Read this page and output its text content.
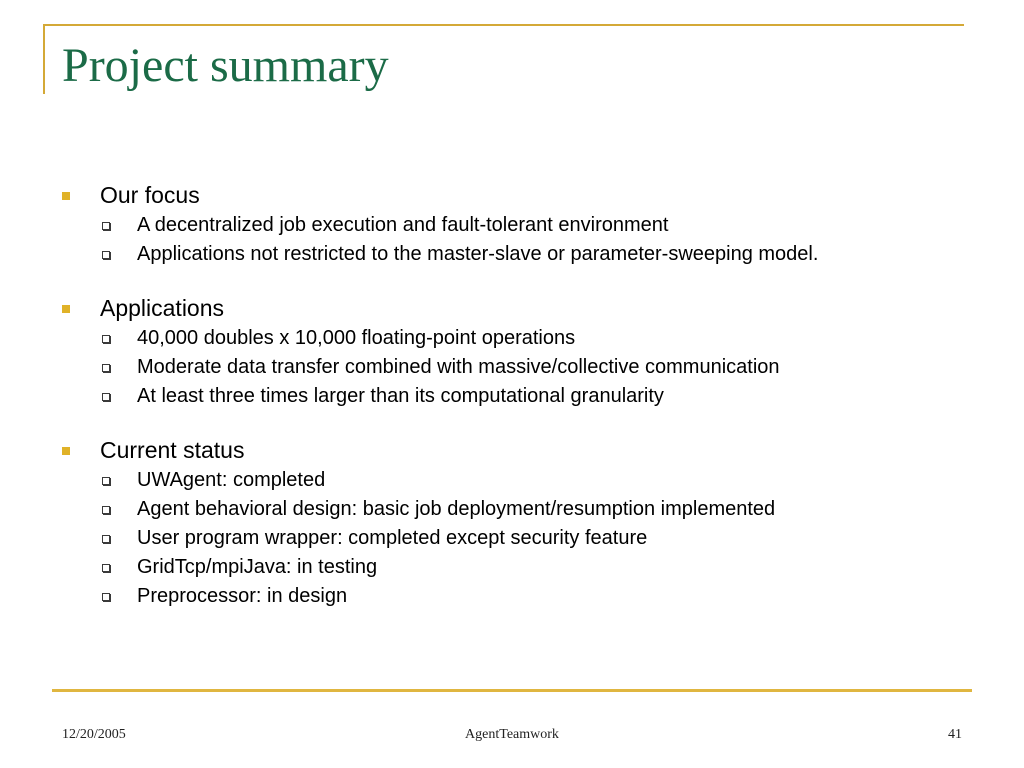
Project summary
Our focus
A decentralized job execution and fault-tolerant environment
Applications not restricted to the master-slave or parameter-sweeping model.
Applications
40,000 doubles x 10,000 floating-point operations
Moderate data transfer combined with massive/collective communication
At least three times larger than its computational granularity
Current status
UWAgent: completed
Agent behavioral design: basic job deployment/resumption implemented
User program wrapper: completed except security feature
GridTcp/mpiJava: in testing
Preprocessor: in design
12/20/2005	AgentTeamwork	41
